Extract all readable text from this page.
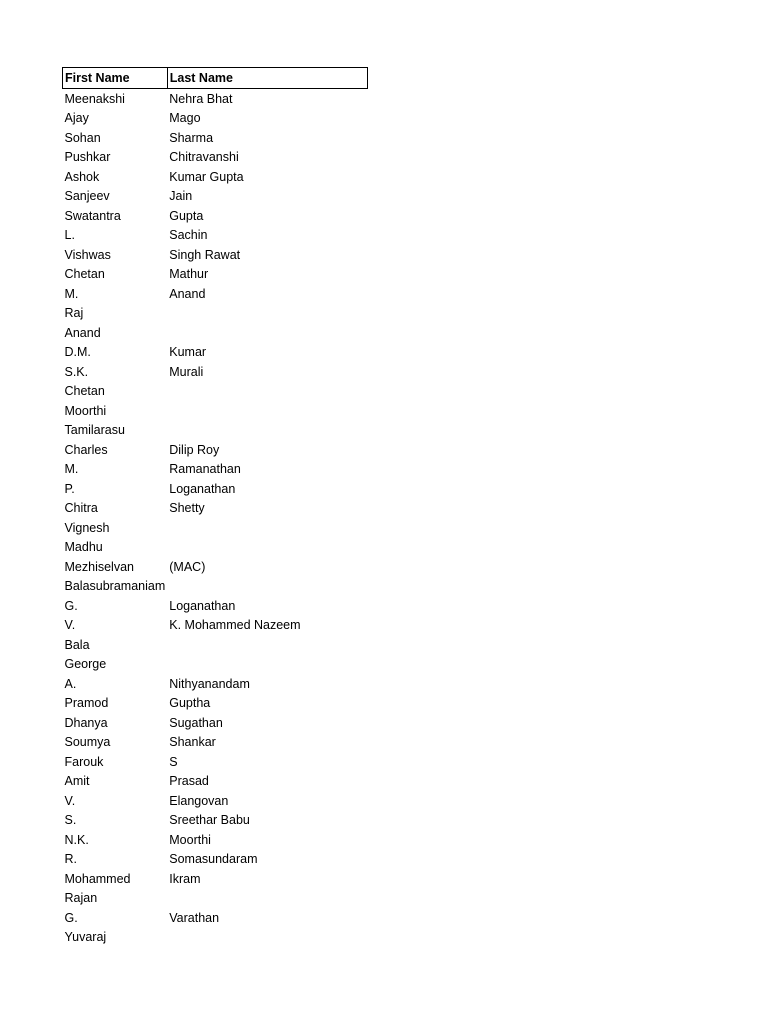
First Name	Last Name
Meenakshi	Nehra Bhat
Ajay	Mago
Sohan	Sharma
Pushkar	Chitravanshi
Ashok	Kumar Gupta
Sanjeev	Jain
Swatantra	Gupta
L.	Sachin
Vishwas	Singh Rawat
Chetan	Mathur
M.	Anand
Raj	
Anand	
D.M.	Kumar
S.K.	Murali
Chetan	
Moorthi	
Tamilarasu	
Charles	Dilip Roy
M.	Ramanathan
P.	Loganathan
Chitra	Shetty
Vignesh	
Madhu	
Mezhiselvan	(MAC)
Balasubramaniam	
G.	Loganathan
V.	K. Mohammed Nazeem
Bala	
George	
A.	Nithyanandam
Pramod	Guptha
Dhanya	Sugathan
Soumya	Shankar
Farouk	S
Amit	Prasad
V.	Elangovan
S.	Sreethar Babu
N.K.	Moorthi
R.	Somasundaram
Mohammed	Ikram
Rajan	
G.	Varathan
Yuvaraj	
